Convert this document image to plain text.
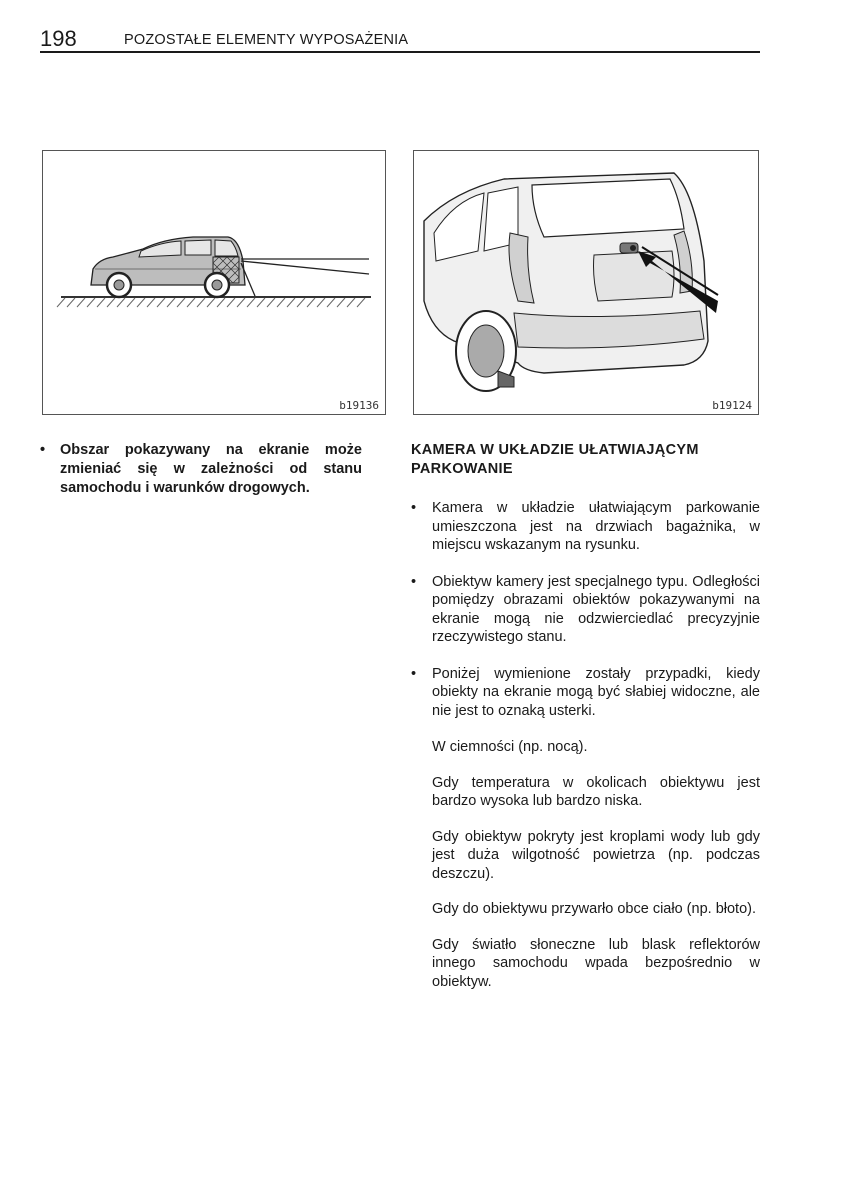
198	POZOSTAŁE ELEMENTY WYPOSAŻENIA
b19136	b19124
• Obszar pokazywany na ekranie może zmieniać się w zależności od stanu samochodu i warunków drogowych.
KAMERA W UKŁADZIE UŁATWIAJĄCYM PARKOWANIE
• Kamera w układzie ułatwiającym parkowanie umieszczona jest na drzwiach bagażnika, w miejscu wskazanym na rysunku.
• Obiektyw kamery jest specjalnego typu. Odległości pomiędzy obrazami obiektów pokazywanymi na ekranie mogą nie odzwierciedlać precyzyjnie rzeczywistego stanu.
• Poniżej wymienione zostały przypadki, kiedy obiekty na ekranie mogą być słabiej widoczne, ale nie jest to oznaką usterki.
W ciemności (np. nocą).
Gdy temperatura w okolicach obiektywu jest bardzo wysoka lub bardzo niska.
Gdy obiektyw pokryty jest kroplami wody lub gdy jest duża wilgotność powietrza (np. podczas deszczu).
Gdy do obiektywu przywarło obce ciało (np. błoto).
Gdy światło słoneczne lub blask reflektorów innego samochodu wpada bezpośrednio w obiektyw.
